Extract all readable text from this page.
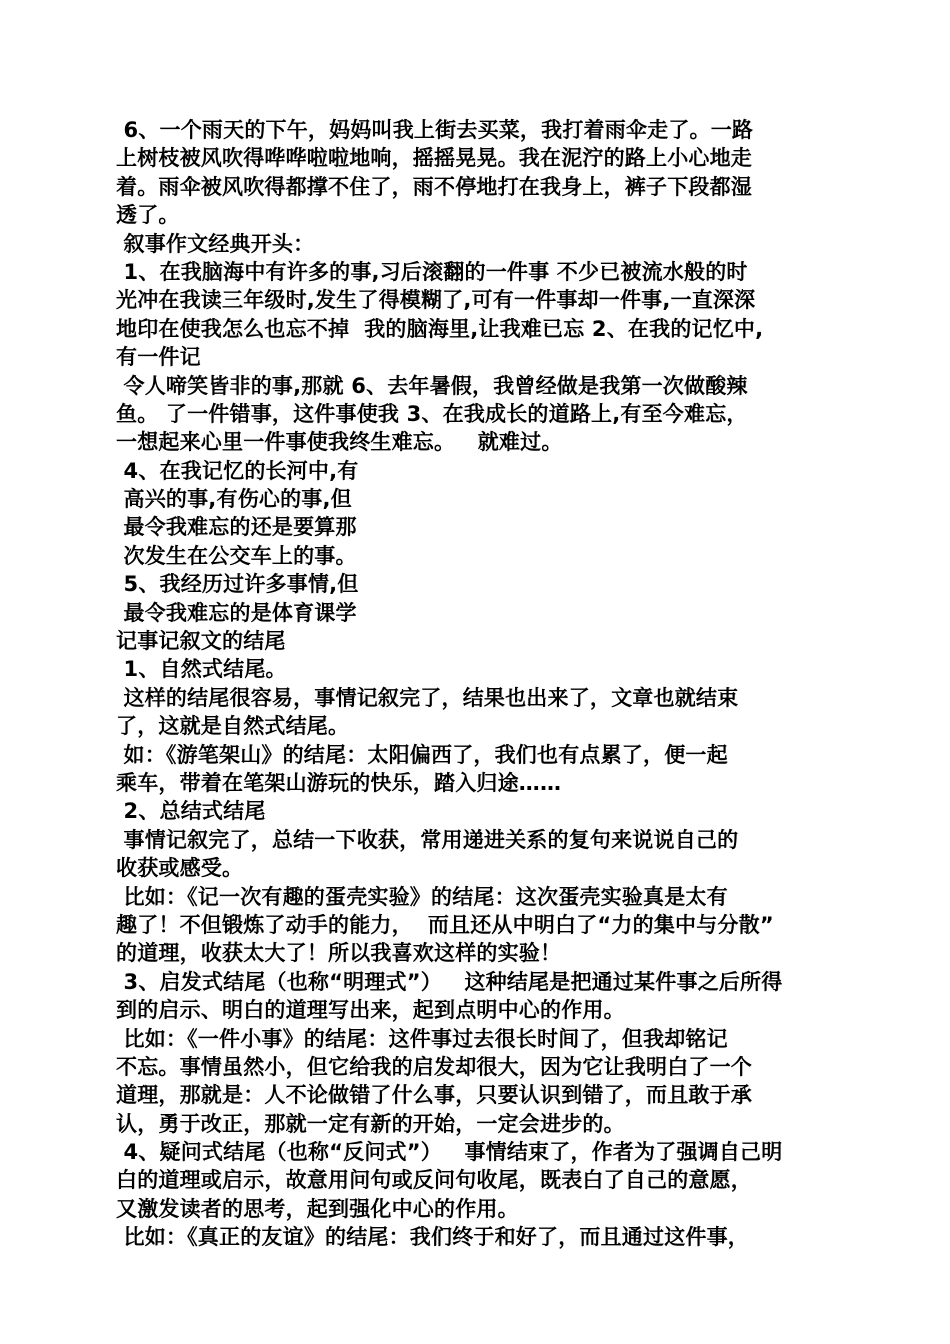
6、一个雨天的下午，妈妈叫我上街去买菜，我打着雨伞走了。一路
上树枝被风吹得哗哗啦啦地响，摇摇晃晃。我在泥泞的路上小心地走
着。雨伞被风吹得都撑不住了，雨不停地打在我身上，裤子下段都湿
透了。
叙事作文经典开头：
1、在我脑海中有许多的事,习后滚翻的一件事 不少已被流水般的时
光冲在我读三年级时,发生了得模糊了,可有一件事却一件事,一直深深
地印在使我怎么也忘不掉  我的脑海里,让我难已忘 2、在我的记忆中,
有一件记
令人啼笑皆非的事,那就 6、去年暑假，我曾经做是我第一次做酸辣
鱼。 了一件错事，这件事使我 3、在我成长的道路上,有至今难忘，
一想起来心里一件事使我终生难忘。   就难过。
4、在我记忆的长河中,有
高兴的事,有伤心的事,但
最令我难忘的还是要算那
次发生在公交车上的事。
5、我经历过许多事情,但
最令我难忘的是体育课学
记事记叙文的结尾
1、自然式结尾。
这样的结尾很容易，事情记叙完了，结果也出来了，文章也就结束
了，这就是自然式结尾。
如：《游笔架山》的结尾：太阳偏西了，我们也有点累了，便一起
乘车，带着在笔架山游玩的快乐，踏入归途……
2、总结式结尾
事情记叙完了，总结一下收获，常用递进关系的复句来说说自己的
收获或感受。
比如：《记一次有趣的蛋壳实验》的结尾：这次蛋壳实验真是太有
趣了！不但锻炼了动手的能力，  而且还从中明白了“力的集中与分散”
的道理，收获太大了！所以我喜欢这样的实验！
3、启发式结尾（也称“明理式”）   这种结尾是把通过某件事之后所得
到的启示、明白的道理写出来，起到点明中心的作用。
比如：《一件小事》的结尾：这件事过去很长时间了，但我却铭记
不忘。事情虽然小，但它给我的启发却很大，因为它让我明白了一个
道理，那就是：人不论做错了什么事，只要认识到错了，而且敢于承
认，勇于改正，那就一定有新的开始，一定会进步的。
4、疑问式结尾（也称“反问式”）   事情结束了，作者为了强调自己明
白的道理或启示，故意用问句或反问句收尾，既表白了自己的意愿，
又激发读者的思考，起到强化中心的作用。
比如：《真正的友谊》的结尾：我们终于和好了，而且通过这件事，
